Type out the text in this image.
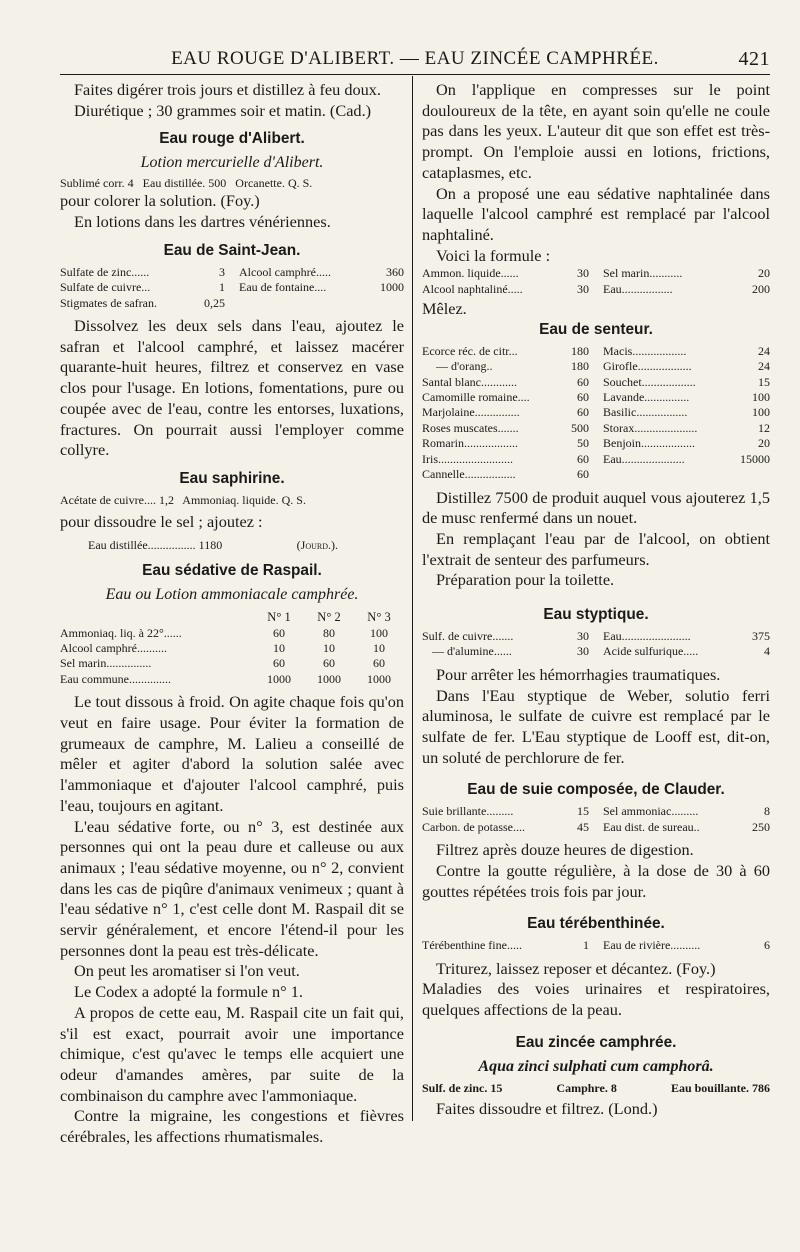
EAU ROUGE D'ALIBERT. — EAU ZINCÉE CAMPHRÉE.	421

Faites digérer trois jours et distillez à feu doux.

Diurétique ; 30 grammes soir et matin. (Cad.)

Eau rouge d'Alibert.
Lotion mercurielle d'Alibert.
Sublimé corr. 4   Eau distillée. 500   Orcanette. Q. S.

pour colorer la solution. (Foy.)

En lotions dans les dartres vénériennes.

Eau de Saint-Jean.
Sulfate de zinc......	3 Alcool camphré.....	360
Sulfate de cuivre...	1 Eau de fontaine....	1000
Stigmates de safran.	0,25

Dissolvez les deux sels dans l'eau, ajoutez le safran et l'alcool camphré, et laissez macérer quarante-huit heures, filtrez et conservez en vase clos pour l'usage. En lotions, fomentations, pure ou coupée avec de l'eau, contre les entorses, luxations, fractures. On pourrait aussi l'employer comme collyre.

Eau saphirine.
Acétate de cuivre.... 1,2   Ammoniaq. liquide. Q. S.

pour dissoudre le sel ; ajoutez :

Eau distillée................ 1180	(Jourd.).
Eau sédative de Raspail.
Eau ou Lotion ammoniacale camphrée.
	N° 1	N° 2	N° 3
Ammoniaq. liq. à 22°......	60	80	100
Alcool camphré..........	10	10	10
Sel marin...............	60	60	60
Eau commune..............	1000	1000	1000

Le tout dissous à froid. On agite chaque fois qu'on veut en faire usage. Pour éviter la formation de grumeaux de camphre, M. Lalieu a conseillé de mêler et agiter d'abord la solution salée avec l'ammoniaque et d'ajouter l'alcool camphré, puis l'eau, toujours en agitant.

L'eau sédative forte, ou n° 3, est destinée aux personnes qui ont la peau dure et calleuse ou aux animaux ; l'eau sédative moyenne, ou n° 2, convient dans les cas de piqûre d'animaux venimeux ; quant à l'eau sédative n° 1, c'est celle dont M. Raspail dit se servir généralement, et encore l'étend-il pour les personnes dont la peau est très-délicate.

On peut les aromatiser si l'on veut.

Le Codex a adopté la formule n° 1.

A propos de cette eau, M. Raspail cite un fait qui, s'il est exact, pourrait avoir une importance chimique, c'est qu'avec le temps elle acquiert une odeur d'amandes amères, par suite de la combinaison du camphre avec l'ammoniaque.

Contre la migraine, les congestions et fièvres cérébrales, les affections rhumatismales.

On l'applique en compresses sur le point douloureux de la tête, en ayant soin qu'elle ne coule pas dans les yeux. L'auteur dit que son effet est très-prompt. On l'emploie aussi en lotions, frictions, cataplasmes, etc.

On a proposé une eau sédative naphtalinée dans laquelle l'alcool camphré est remplacé par l'alcool naphtaliné.

Voici la formule :

Ammon. liquide......	30 Sel marin...........	20
Alcool naphtaliné.....	30 Eau.................	200

Mêlez.

Eau de senteur.
Ecorce réc. de citr...	180 Macis..................	24
— d'orang..	180 Girofle..................	24
Santal blanc............	60 Souchet..................	15
Camomille romaine....	60 Lavande...............	100
Marjolaine...............	60 Basilic.................	100
Roses muscates.......	500 Storax.....................	12
Romarin..................	50 Benjoin..................	20
Iris.........................	60 Eau.....................	15000
Cannelle.................	60

Distillez 7500 de produit auquel vous ajouterez 1,5 de musc renfermé dans un nouet.

En remplaçant l'eau par de l'alcool, on obtient l'extrait de senteur des parfumeurs.

Préparation pour la toilette.

Eau styptique.
Sulf. de cuivre.......	30 Eau.......................	375
— d'alumine......	30 Acide sulfurique.....	4

Pour arrêter les hémorrhagies traumatiques.

Dans l'Eau styptique de Weber, solutio ferri aluminosa, le sulfate de cuivre est remplacé par le sulfate de fer. L'Eau styptique de Looff est, dit-on, un soluté de perchlorure de fer.

Eau de suie composée, de Clauder.
Suie brillante.........	15 Sel ammoniac.........	8
Carbon. de potasse....	45 Eau dist. de sureau..	250

Filtrez après douze heures de digestion.

Contre la goutte régulière, à la dose de 30 à 60 gouttes répétées trois fois par jour.

Eau térébenthinée.
Térébenthine fine.....	1 Eau de rivière..........	6

Triturez, laissez reposer et décantez. (Foy.)

Maladies des voies urinaires et respiratoires, quelques affections de la peau.

Eau zincée camphrée.
Aqua zinci sulphati cum camphorâ.
Sulf. de zinc. 15	Camphre. 8	Eau bouillante. 786

Faites dissoudre et filtrez. (Lond.)
